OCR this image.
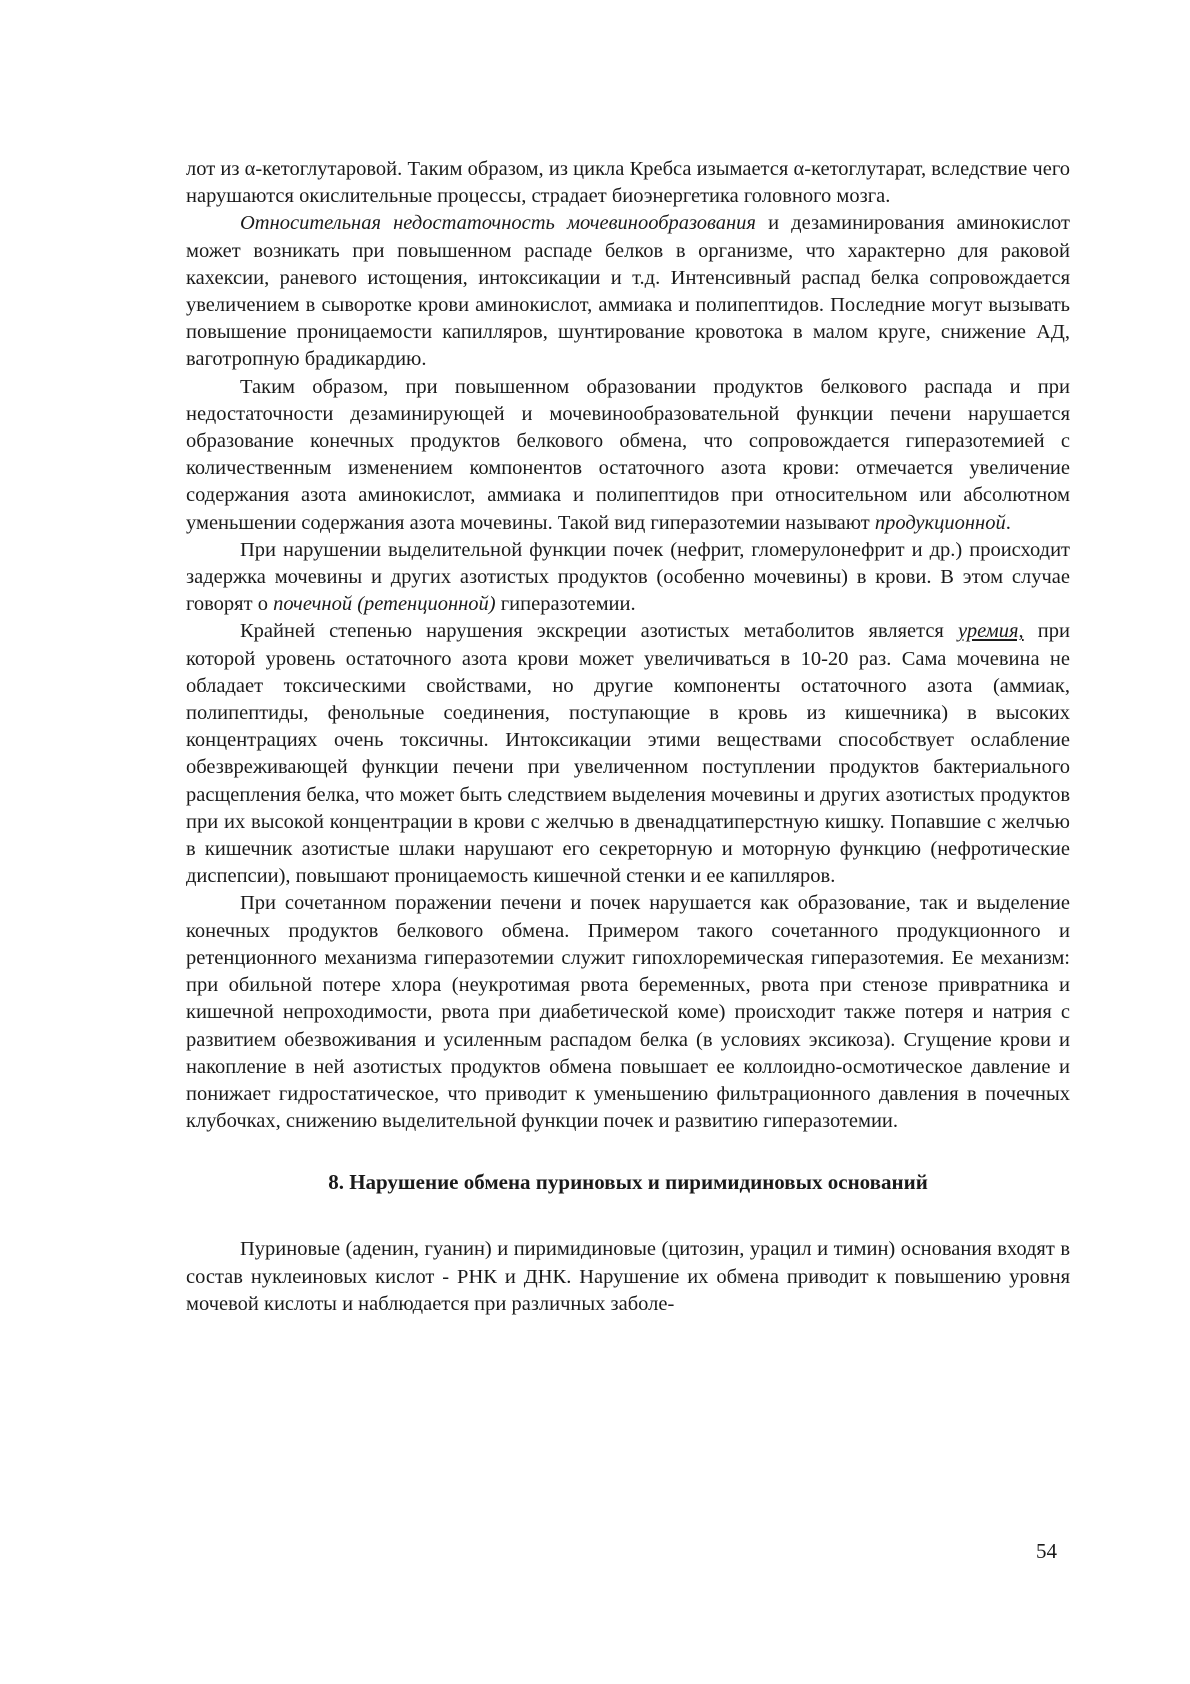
лот из α-кетоглутаровой. Таким образом, из цикла Кребса изымается α-кетоглутарат, вследствие чего нарушаются окислительные процессы, страдает биоэнергетика головного мозга.

Относительная недостаточность мочевинообразования и дезаминирования аминокислот может возникать при повышенном распаде белков в организме, что характерно для раковой кахексии, раневого истощения, интоксикации и т.д. Интенсивный распад белка сопровождается увеличением в сыворотке крови аминокислот, аммиака и полипептидов. Последние могут вызывать повышение проницаемости капилляров, шунтирование кровотока в малом круге, снижение АД, ваготропную брадикардию.

Таким образом, при повышенном образовании продуктов белкового распада и при недостаточности дезаминирующей и мочевинообразовательной функции печени нарушается образование конечных продуктов белкового обмена, что сопровождается гиперазотемией с количественным изменением компонентов остаточного азота крови: отмечается увеличение содержания азота аминокислот, аммиака и полипептидов при относительном или абсолютном уменьшении содержания азота мочевины. Такой вид гиперазотемии называют продукционной.

При нарушении выделительной функции почек (нефрит, гломерулонефрит и др.) происходит задержка мочевины и других азотистых продуктов (особенно мочевины) в крови. В этом случае говорят о почечной (ретенционной) гиперазотемии.

Крайней степенью нарушения экскреции азотистых метаболитов является уремия, при которой уровень остаточного азота крови может увеличиваться в 10-20 раз. Сама мочевина не обладает токсическими свойствами, но другие компоненты остаточного азота (аммиак, полипептиды, фенольные соединения, поступающие в кровь из кишечника) в высоких концентрациях очень токсичны. Интоксикации этими веществами способствует ослабление обезвреживающей функции печени при увеличенном поступлении продуктов бактериального расщепления белка, что может быть следствием выделения мочевины и других азотистых продуктов при их высокой концентрации в крови с желчью в двенадцатиперстную кишку. Попавшие с желчью в кишечник азотистые шлаки нарушают его секреторную и моторную функцию (нефротические диспепсии), повышают проницаемость кишечной стенки и ее капилляров.

При сочетанном поражении печени и почек нарушается как образование, так и выделение конечных продуктов белкового обмена. Примером такого сочетанного продукционного и ретенционного механизма гиперазотемии служит гипохлоремическая гиперазотемия. Ее механизм: при обильной потере хлора (неукротимая рвота беременных, рвота при стенозе привратника и кишечной непроходимости, рвота при диабетической коме) происходит также потеря и натрия с развитием обезвоживания и усиленным распадом белка (в условиях эксикоза). Сгущение крови и накопление в ней азотистых продуктов обмена повышает ее коллоидно-осмотическое давление и понижает гидростатическое, что приводит к уменьшению фильтрационного давления в почечных клубочках, снижению выделительной функции почек и развитию гиперазотемии.

8. Нарушение обмена пуриновых и пиримидиновых оснований

Пуриновые (аденин, гуанин) и пиримидиновые (цитозин, урацил и тимин) основания входят в состав нуклеиновых кислот - РНК и ДНК. Нарушение их обмена приводит к повышению уровня мочевой кислоты и наблюдается при различных заболе-

54
